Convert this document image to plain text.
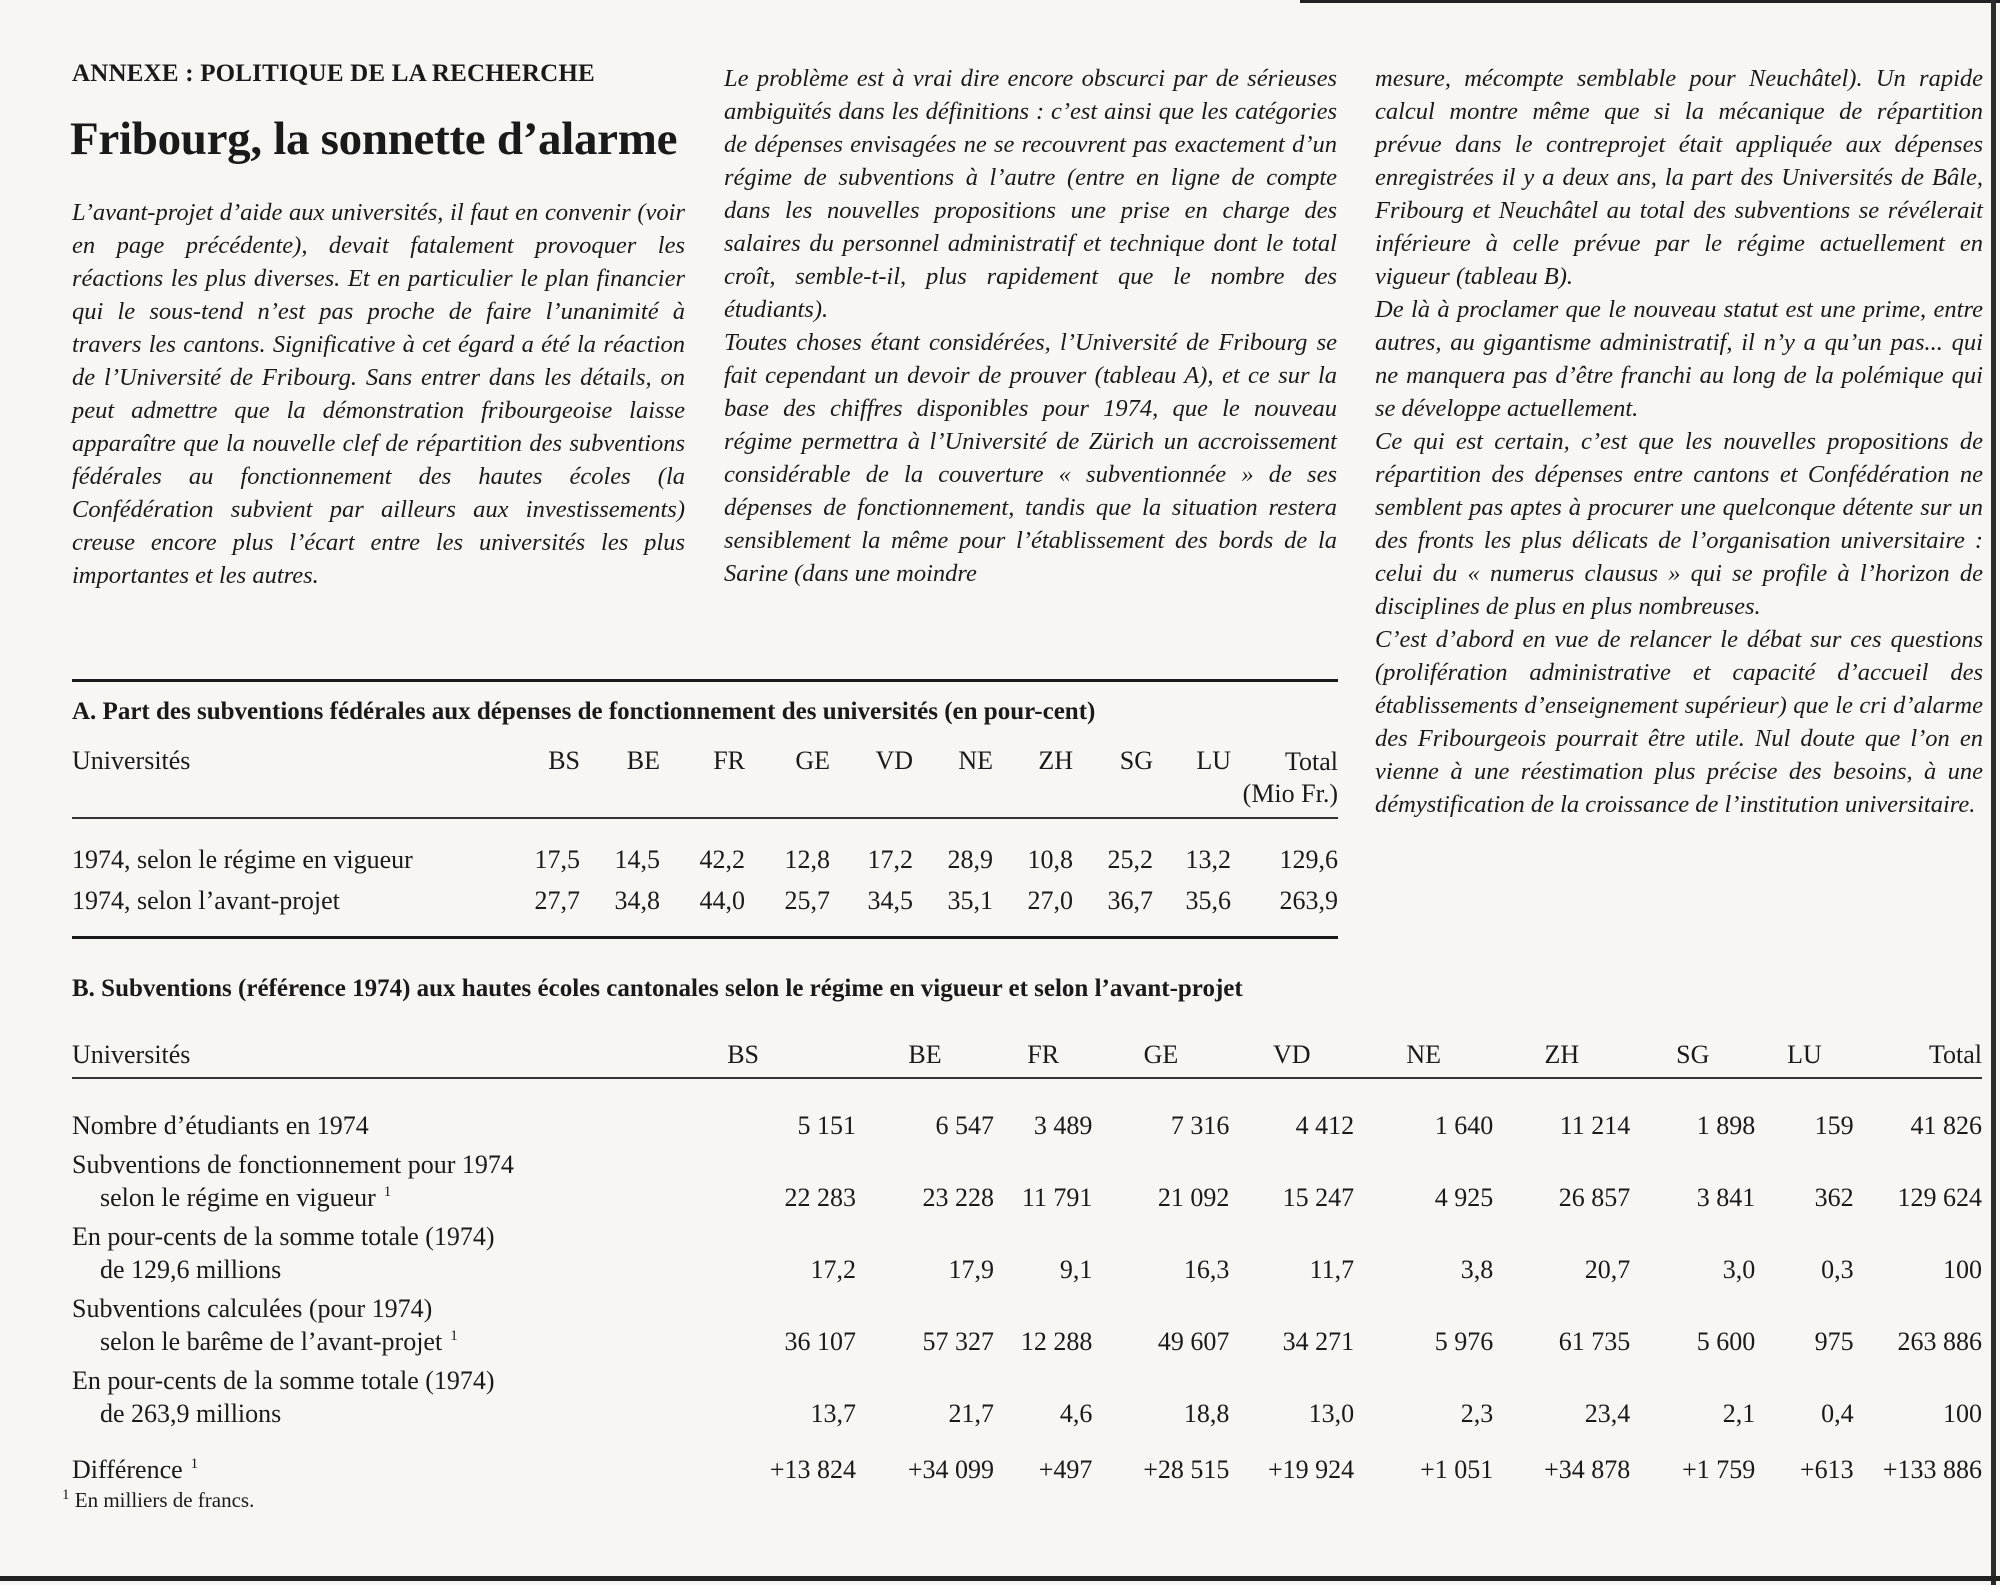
ANNEXE : POLITIQUE DE LA RECHERCHE
Fribourg, la sonnette d’alarme

L’avant-projet d’aide aux universités, il faut en convenir (voir en page précédente), devait fatalement provoquer les réactions les plus diverses. Et en particulier le plan financier qui le sous-tend n’est pas proche de faire l’unanimité à travers les cantons. Significative à cet égard a été la réaction de l’Université de Fribourg. Sans entrer dans les détails, on peut admettre que la démonstration fribourgeoise laisse apparaître que la nouvelle clef de répartition des subventions fédérales au fonctionnement des hautes écoles (la Confédération subvient par ailleurs aux investissements) creuse encore plus l’écart entre les universités les plus importantes et les autres.

Le problème est à vrai dire encore obscurci par de sérieuses ambiguïtés dans les définitions : c’est ainsi que les catégories de dépenses envisagées ne se recouvrent pas exactement d’un régime de subventions à l’autre (entre en ligne de compte dans les nouvelles propositions une prise en charge des salaires du personnel administratif et technique dont le total croît, semble-t-il, plus rapidement que le nombre des étudiants).

Toutes choses étant considérées, l’Université de Fribourg se fait cependant un devoir de prouver (tableau A), et ce sur la base des chiffres disponibles pour 1974, que le nouveau régime permettra à l’Université de Zürich un accroissement considérable de la couverture « subventionnée » de ses dépenses de fonctionnement, tandis que la situation restera sensiblement la même pour l’établissement des bords de la Sarine (dans une moindre

mesure, mécompte semblable pour Neuchâtel). Un rapide calcul montre même que si la mécanique de répartition prévue dans le contreprojet était appliquée aux dépenses enregistrées il y a deux ans, la part des Universités de Bâle, Fribourg et Neuchâtel au total des subventions se révélerait inférieure à celle prévue par le régime actuellement en vigueur (tableau B).

De là à proclamer que le nouveau statut est une prime, entre autres, au gigantisme administratif, il n’y a qu’un pas... qui ne manquera pas d’être franchi au long de la polémique qui se développe actuellement.

Ce qui est certain, c’est que les nouvelles propositions de répartition des dépenses entre cantons et Confédération ne semblent pas aptes à procurer une quelconque détente sur un des fronts les plus délicats de l’organisation universitaire : celui du « numerus clausus » qui se profile à l’horizon de disciplines de plus en plus nombreuses.

C’est d’abord en vue de relancer le débat sur ces questions (prolifération administrative et capacité d’accueil des établissements d’enseignement supérieur) que le cri d’alarme des Fribourgeois pourrait être utile. Nul doute que l’on en vienne à une réestimation plus précise des besoins, à une démystification de la croissance de l’institution universitaire.

A. Part des subventions fédérales aux dépenses de fonctionnement des universités (en pour-cent)
Universités	BS	BE	FR	GE	VD	NE	ZH	SG	LU	Total
(Mio Fr.)

1974, selon le régime en vigueur	17,5	14,5	42,2	12,8	17,2	28,9	10,8	25,2	13,2	129,6
1974, selon l’avant-projet	27,7	34,8	44,0	25,7	34,5	35,1	27,0	36,7	35,6	263,9
B. Subventions (référence 1974) aux hautes écoles cantonales selon le régime en vigueur et selon l’avant-projet
Universités	BS	BE	FR	GE	VD	NE	ZH	SG	LU	Total

Nombre d’étudiants en 1974	5 151	6 547	3 489	7 316	4 412	1 640	11 214	1 898	159	41 826

Subventions de fonctionnement pour 1974
selon le régime en vigueur $^1$	22 283	23 228	11 791	21 092	15 247	4 925	26 857	3 841	362	129 624

En pour-cents de la somme totale (1974)
de 129,6 millions	17,2	17,9	9,1	16,3	11,7	3,8	20,7	3,0	0,3	100

Subventions calculées (pour 1974)
selon le barême de l’avant-projet $^1$	36 107	57 327	12 288	49 607	34 271	5 976	61 735	5 600	975	263 886

En pour-cents de la somme totale (1974)
de 263,9 millions	13,7	21,7	4,6	18,8	13,0	2,3	23,4	2,1	0,4	100
Différence $^1$	+13 824	+34 099	+497	+28 515	+19 924	+1 051	+34 878	+1 759	+613	+133 886
$^1$ En milliers de francs.
